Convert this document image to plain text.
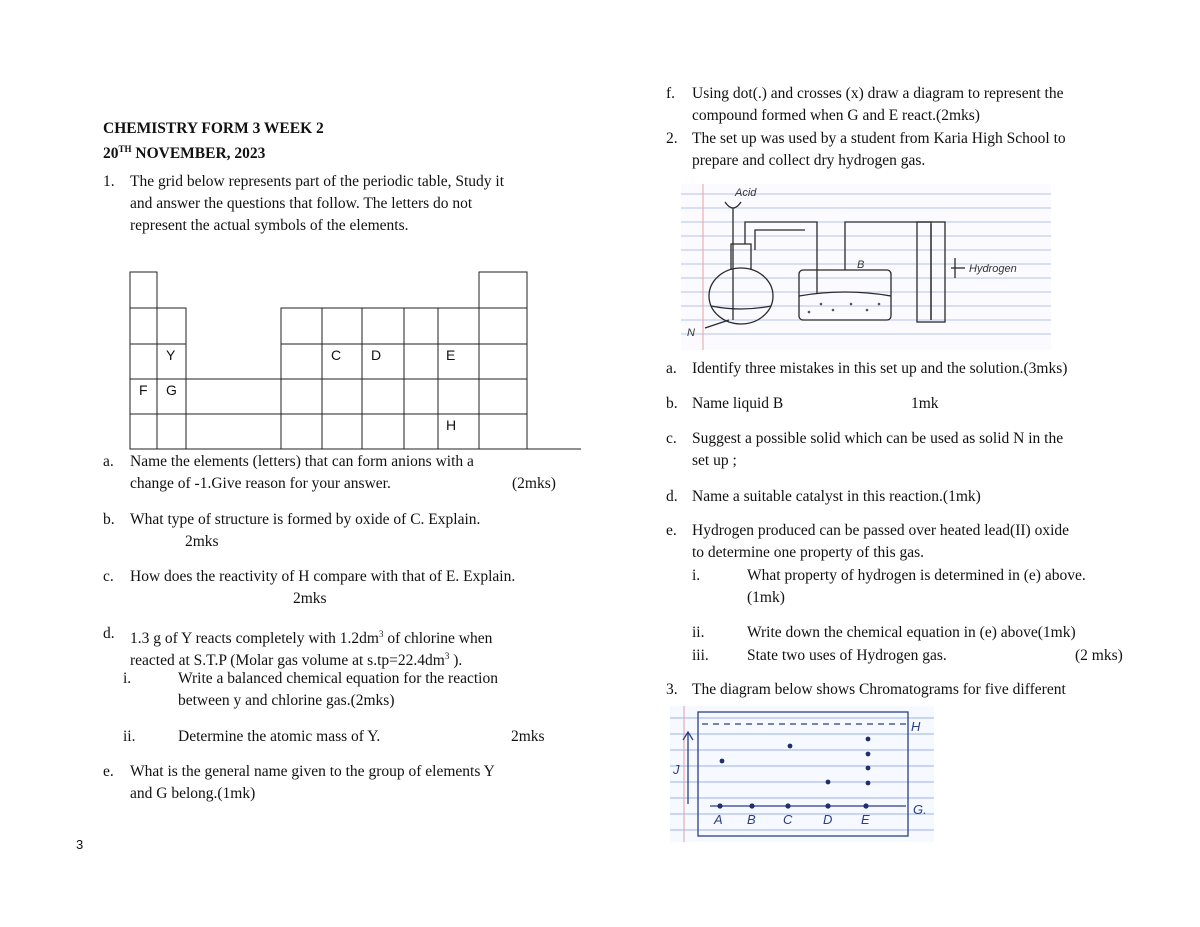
CHEMISTRY FORM 3 WEEK 2
20TH NOVEMBER, 2023
1. The grid below represents part of the periodic table, Study it
and answer the questions that follow. The letters do not
represent the actual symbols of the elements.
Y	C D	E
F G
H
a. Name the elements (letters) that can form anions with a
change of -1.Give reason for your answer.	(2mks)
b. What type of structure is formed by oxide of C. Explain.
2mks
c. How does the reactivity of H compare with that of E. Explain.
2mks
d. 1.3 g of Y reacts completely with $1.2dm^3$ of chlorine when
reacted at S.T.P (Molar gas volume at $s.tp=22.4dm^3$ ).
i.	Write a balanced chemical equation for the reaction
between y and chlorine gas.(2mks)
ii.	Determine the atomic mass of Y.	2mks
e. What is the general name given to the group of elements Y
and G belong.(1mk)
3
f. Using dot(.) and crosses (x) draw a diagram to represent the
compound formed when G and E react.(2mks)
2. The set up was used by a student from Karia High School to
prepare and collect dry hydrogen gas.
Acid
Hydrogen
B
N
a. Identify three mistakes in this set up and the solution.(3mks)
b. Name liquid B	1mk
c. Suggest a possible solid which can be used as solid N in the
set up ;
d. Name a suitable catalyst in this reaction.(1mk)
e. Hydrogen produced can be passed over heated lead(II) oxide
to determine one property of this gas.
i.	What property of hydrogen is determined in (e) above.
(1mk)
ii.	Write down the chemical equation in (e) above(1mk)
iii. State two uses of Hydrogen gas.	(2 mks)
3. The diagram below shows Chromatograms for five different
H
G.
J
A B C D E
